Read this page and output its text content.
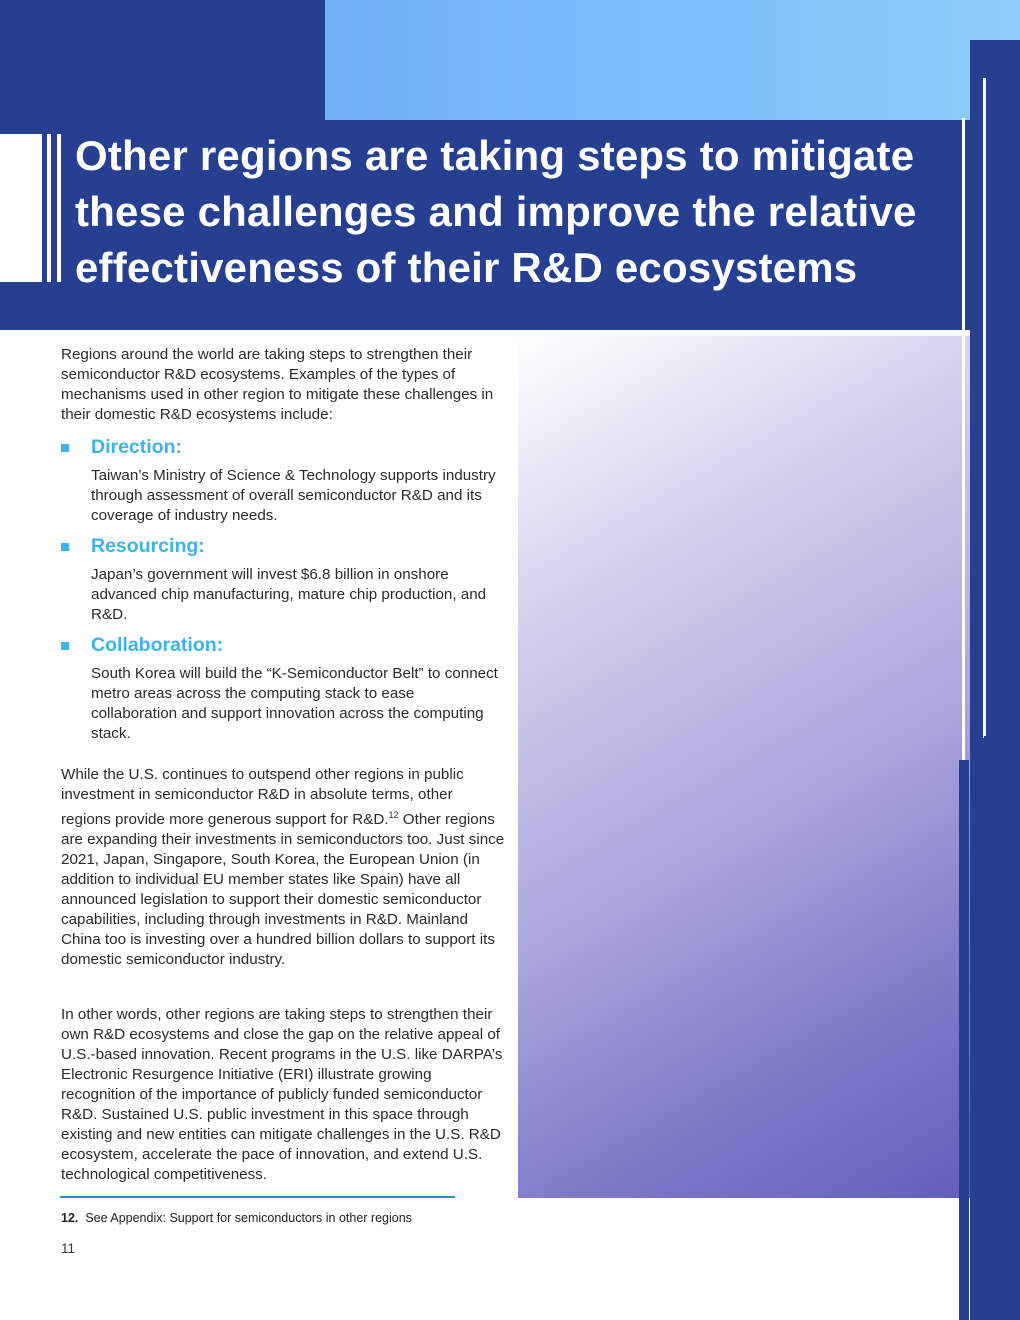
Other regions are taking steps to mitigate these challenges and improve the relative effectiveness of their R&D ecosystems

Regions around the world are taking steps to strengthen their semiconductor R&D ecosystems. Examples of the types of mechanisms used in other region to mitigate these challenges in their domestic R&D ecosystems include:

Direction:

Taiwan’s Ministry of Science & Technology supports industry through assessment of overall semiconductor R&D and its coverage of industry needs.

Resourcing:

Japan’s government will invest $6.8 billion in onshore advanced chip manufacturing, mature chip production, and R&D.

Collaboration:

South Korea will build the “K-Semiconductor Belt” to connect metro areas across the computing stack to ease collaboration and support innovation across the computing stack.

While the U.S. continues to outspend other regions in public investment in semiconductor R&D in absolute terms, other regions provide more generous support for R&D.$^{12}$ Other regions are expanding their investments in semiconductors too. Just since 2021, Japan, Singapore, South Korea, the European Union (in addition to individual EU member states like Spain) have all announced legislation to support their domestic semiconductor capabilities, including through investments in R&D. Mainland China too is investing over a hundred billion dollars to support its domestic semiconductor industry.

In other words, other regions are taking steps to strengthen their own R&D ecosystems and close the gap on the relative appeal of U.S.-based innovation. Recent programs in the U.S. like DARPA’s Electronic Resurgence Initiative (ERI) illustrate growing recognition of the importance of publicly funded semiconductor R&D. Sustained U.S. public investment in this space through existing and new entities can mitigate challenges in the U.S. R&D ecosystem, accelerate the pace of innovation, and extend U.S. technological competitiveness.

12. See Appendix: Support for semiconductors in other regions

11
